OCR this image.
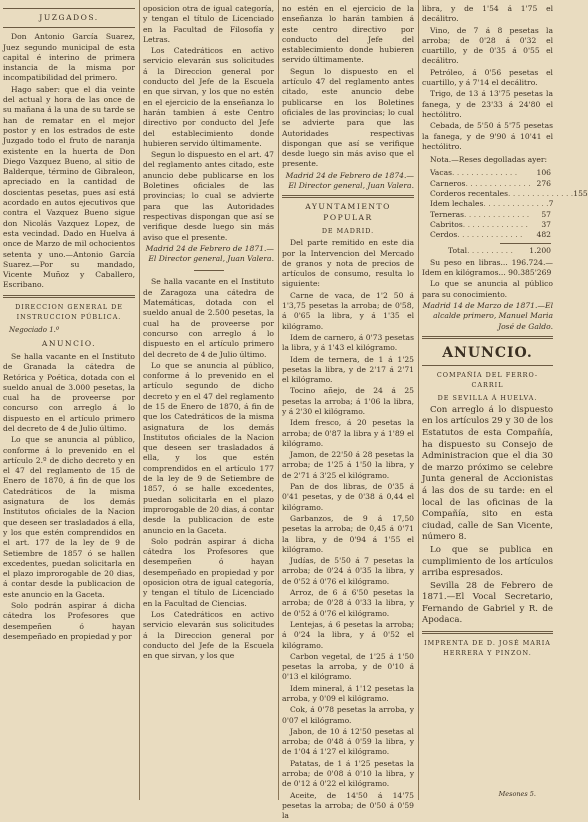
JUZGADOS.

Don Antonio García Suarez, Juez segundo municipal de esta capital é interino de primera instancia de la misma por incompatibilidad del primero.

Hago saber: que el dia veinte del actual y hora de las once de su mañana á la una de su tarde se han de rematar en el mejor postor y en los estrados de este Juzgado todo el fruto de naranja existente en la huerta de Don Diego Vazquez Bueno, al sitio de Balderque, término de Gibraleon, apreciado en la cantidad de doscientas pesetas, pues así está acordado en autos ejecutivos que contra el Vazquez Bueno sigue don Nicolás Vazquez Lopez, de esta vecindad. Dado en Huelva á once de Marzo de mil ochocientos setenta y uno.—Antonio García Suarez.—Por su mandado, Vicente Muñoz y Caballero, Escribano.

DIRECCION GENERAL DE INSTRUCCION PÚBLICA.
Negociado 1.º
ANUNCIO.

Se halla vacante en el Instituto de Granada la cátedra de Retórica y Poética, dotada con el sueldo anual de 3.000 pesetas, la cual ha de proveerse por concurso con arreglo á lo dispuesto en el artículo primero del decreto de 4 de Julio último.

Lo que se anuncia al público, conforme á lo prevenido en el artículo 2.º de dicho decreto y en el 47 del reglamento de 15 de Enero de 1870, á fin de que los Catedráticos de la misma asignatura de los demás Institutos oficiales de la Nacion que deseen ser trasladados á ella, y los que estén comprendidos en el art. 177 de la ley de 9 de Setiembre de 1857 ó se hallen excedentes, puedan solicitarla en el plazo improrogable de 20 dias, á contar desde la publicacion de este anuncio en la Gaceta.

Solo podrán aspirar á dicha cátedra los Profesores que desempeñen ó hayan desempeñado en propiedad y por

oposicion otra de igual categoría, y tengan el título de Licenciado en la Facultad de Filosofía y Letras.

Los Catedráticos en activo servicio elevarán sus solicitudes á la Direccion general por conducto del Jefe de la Escuela en que sirvan, y los que no estén en el ejercicio de la enseñanza lo harán tambien á este Centro directivo por conducto del Jefe del establecimiento donde hubieren servido últimamente.

Segun lo dispuesto en el art. 47 del reglamento antes citado, este anuncio debe publicarse en los Boletines oficiales de las provincias; lo cual se advierte para que las Autoridades respectivas dispongan que así se verifique desde luego sin más aviso que el presente.

Madrid 24 de Febrero de 1871.—El Director general, Juan Valera.

Se halla vacante en el Instituto de Zaragoza una cátedra de Matemáticas, dotada con el sueldo anual de 2.500 pesetas, la cual ha de proveerse por concurso con arreglo á lo dispuesto en el artículo primero del decreto de 4 de Julio último.

Lo que se anuncia al público, conforme á lo prevenido en el artículo segundo de dicho decreto y en el 47 del reglamento de 15 de Enero de 1870, á fin de que los Catedráticos de la misma asignatura de los demás Institutos oficiales de la Nacion que deseen ser trasladados á ella, y los que estén comprendidos en el artículo 177 de la ley de 9 de Setiembre de 1857, ó se halle excedentes, puedan solicitarla en el plazo improrogable de 20 dias, á contar desde la publicacion de este anuncio en la Gaceta.

Solo podrán aspirar á dicha cátedra los Profesores que desempeñen ó hayan desempeñado en propiedad y por oposicion otra de igual categoría, y tengan el título de Licenciado en la Facultad de Ciencias.

Los Catedráticos en activo servicio elevarán sus solicitudes á la Direccion general por conducto del Jefe de la Escuela en que sirvan, y los que

no estén en el ejercicio de la enseñanza lo harán tambien á este centro directivo por conducto del Jefe del establecimiento donde hubieren servido últimamente.

Segun lo dispuesto en el artículo 47 del reglamento antes citado, este anuncio debe publicarse en los Boletines oficiales de las provincias; lo cual se advierte para que las Autoridades respectivas dispongan que así se verifique desde luego sin más aviso que el presente.

Madrid 24 de Febrero de 1874.—El Director general, Juan Valera.

AYUNTAMIENTO POPULAR
DE MADRID.

Del parte remitido en este dia por la Intervencion del Mercado de granos y nota de precios de artículos de consumo, resulta lo siguiente:

Carne de vaca, de 1'2 50 á 1'3,75 pesetas la arroba; de 0'58, á 0'65 la libra, y á 1'35 el kilógramo.

Idem de carnero, á 0'73 pesetas la libra, y á 1'43 el kilógramo.

Idem de ternera, de 1 á 1'25 pesetas la libra, y de 2'17 á 2'71 el kilógramo.

Tocino añejo, de 24 á 25 pesetas la arroba; á 1'06 la libra, y á 2'30 el kilógramo.

Idem fresco, á 20 pesetas la arroba; de 0'87 la libra y á 1'89 el kilógramo.

Jamon, de 22'50 á 28 pesetas la arroba; de 1'25 á 1'50 la libra, y de 2'71 á 3'25 el kilógramo.

Pan de dos libras, de 0'35 á 0'41 pesetas, y de 0'38 á 0,44 el kilógramo.

Garbanzos, de 9 á 17,50 pesetas la arroba; de 0,45 á 0'71 la libra, y de 0'94 á 1'55 el kilógramo.

Judías, de 5'50 á 7 pesetas la arroba; de 0'24 á 0'35 la libra, y de 0'52 á 0'76 el kilógramo.

Arroz, de 6 á 6'50 pesetas la arroba; de 0'28 á 0'33 la libra, y de 0'52 á 0'76 el kilógramo.

Lentejas, á 6 pesetas la arroba; á 0'24 la libra, y á 0'52 el kilógramo.

Carbon vegetal, de 1'25 á 1'50 pesetas la arroba, y de 0'10 á 0'13 el kilógramo.

Idem mineral, á 1'12 pesetas la arroba, y 0'09 el kilógramo.

Cok, á 0'78 pesetas la arroba, y 0'07 el kilógramo.

Jabon, de 10 á 12'50 pesetas al arroba; de 0'48 á 0'59 la libra, y de 1'04 á 1'27 el kilógramo.

Patatas, de 1 á 1'25 pesetas la arroba; de 0'08 á 0'10 la libra, y de 0'12 á 0'22 el kilógramo.

Aceite, de 14'50 á 14'75 pesetas la arroba; de 0'50 á 0'59 la

libra, y de 1'54 á 1'75 el decálitro.

Vino, de 7 á 8 pesetas la arroba; de 0'28 á 0'32 el cuartillo, y de 0'35 á 0'55 el decálitro.

Petróleo, á 0'56 pesetas el cuartillo, y á 7'14 el decálitro.

Trigo, de 13 á 13'75 pesetas la fanega, y de 23'33 á 24'80 el hectólitro.

Cebada, de 5'50 á 5'75 pesetas la fanega, y de 9'90 á 10'41 el hectólitro.

Nota.—Reses degolladas ayer:

Vacas . . . . . . . . . . . . . .	106
Carneros . . . . . . . . . . . . . . 276
Corderos recentales . . . . . . . . . . . . . . 155
Idem lechales . . . . . . . . . . . . . . 7
Terneras . . . . . . . . . . . . . .	57
Cabritos . . . . . . . . . . . . . .	37
Cerdos . . . . . . . . . . . . . .	482
Total . . . . . . . . . .	1.200

Su peso en libras... 196.724.— Idem en kilógramos... 90.385'269

Lo que se anuncia al público para su conocimiento.

Madrid 14 de Marzo de 1871.—El alcalde primero, Manuel Maria José de Galdo.

ANUNCIO.
COMPAÑÍA DEL FERRO-CARRIL
DE SEVILLA Á HUELVA.

Con arreglo á lo dispuesto en los artículos 29 y 30 de los Estatutos de esta Compañía, ha dispuesto su Consejo de Administracion que el dia 30 de marzo próximo se celebre Junta general de Accionistas á las dos de su tarde: en el local de las oficinas de la Compañía, sito en esta ciudad, calle de San Vicente, número 8.

Lo que se publica en cumplimiento de los artículos arriba espresados.

Sevilla 28 de Febrero de 1871.—El Vocal Secretario, Fernando de Gabriel y R. de Apodaca.

IMPRENTA DE D. JOSÉ MARIA HERRERA Y PINZON.
Mesones 5.
